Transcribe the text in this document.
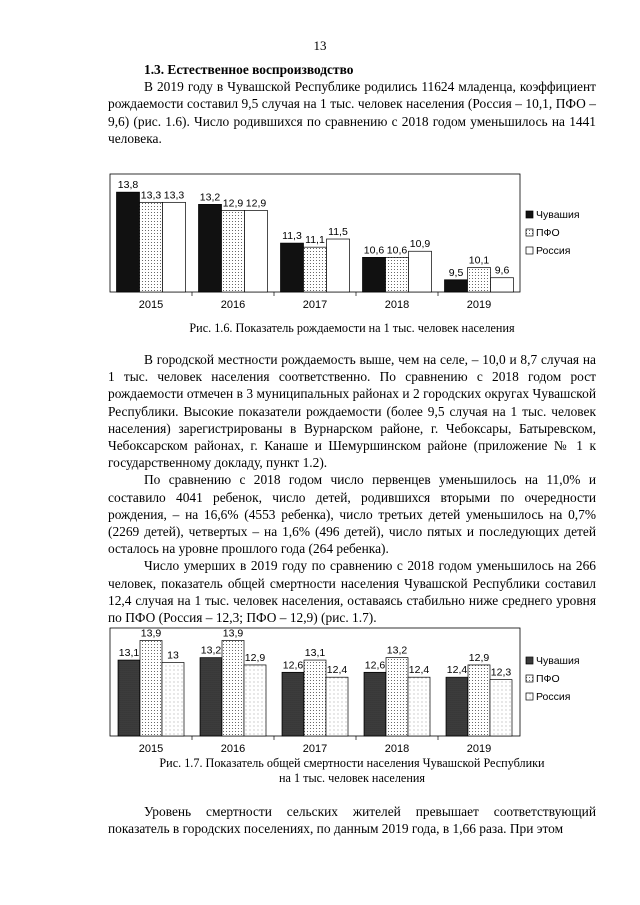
13

1.3. Естественное воспроизводство

В 2019 году в Чувашской Республике родились 11624 младенца, коэффициент рождаемости составил 9,5 случая на 1 тыс. человек населения (Россия – 10,1, ПФО – 9,6) (рис. 1.6). Число родившихся по сравнению с 2018 годом уменьшилось на 1441 человека.

13,8
13,3 13,3
2015
13,2
12,9 12,9
2016
11,3 11,1
11,5
2017
10,6 10,6
10,9
2018
9,5
10,1
9,6
2019
Чувашия
ПФО
Россия
Рис. 1.6. Показатель рождаемости на 1 тыс. человек населения

В городской местности рождаемость выше, чем на селе, – 10,0 и 8,7 случая на 1 тыс. человек населения соответственно. По сравнению с 2018 годом рост рождаемости отмечен в 3 муниципальных районах и 2 городских округах Чувашской Республики. Высокие показатели рождаемости (более 9,5 случая на 1 тыс. человек населения) зарегистрированы в Вурнарском районе, г. Чебоксары, Батыревском, Чебоксарском районах, г. Канаше и Шемуршинском районе (приложение № 1 к государственному докладу, пункт 1.2).

По сравнению с 2018 годом число первенцев уменьшилось на 11,0% и составило 4041 ребенок, число детей, родившихся вторыми по очередности рождения, – на 16,6% (4553 ребенка), число третьих детей уменьшилось на 0,7% (2269 детей), четвертых – на 1,6% (496 детей), число пятых и последующих детей осталось на уровне прошлого года (264 ребенка).

Число умерших в 2019 году по сравнению с 2018 годом уменьшилось на 266 человек, показатель общей смертности населения Чувашской Республики составил 12,4 случая на 1 тыс. человек населения, оставаясь стабильно ниже среднего уровня по ПФО (Россия – 12,3; ПФО – 12,9) (рис. 1.7).

13,1
13,9
13
2015
13,2
13,9
12,9
2016
12,6
13,1
12,4
2017
12,6
13,2
12,4
2018
12,4
12,9
12,3
2019
Чувашия
ПФО
Россия
Рис. 1.7. Показатель общей смертности населения Чувашской Республики
на 1 тыс. человек населения

Уровень смертности сельских жителей превышает соответствующий показатель в городских поселениях, по данным 2019 года, в 1,66 раза. При этом
